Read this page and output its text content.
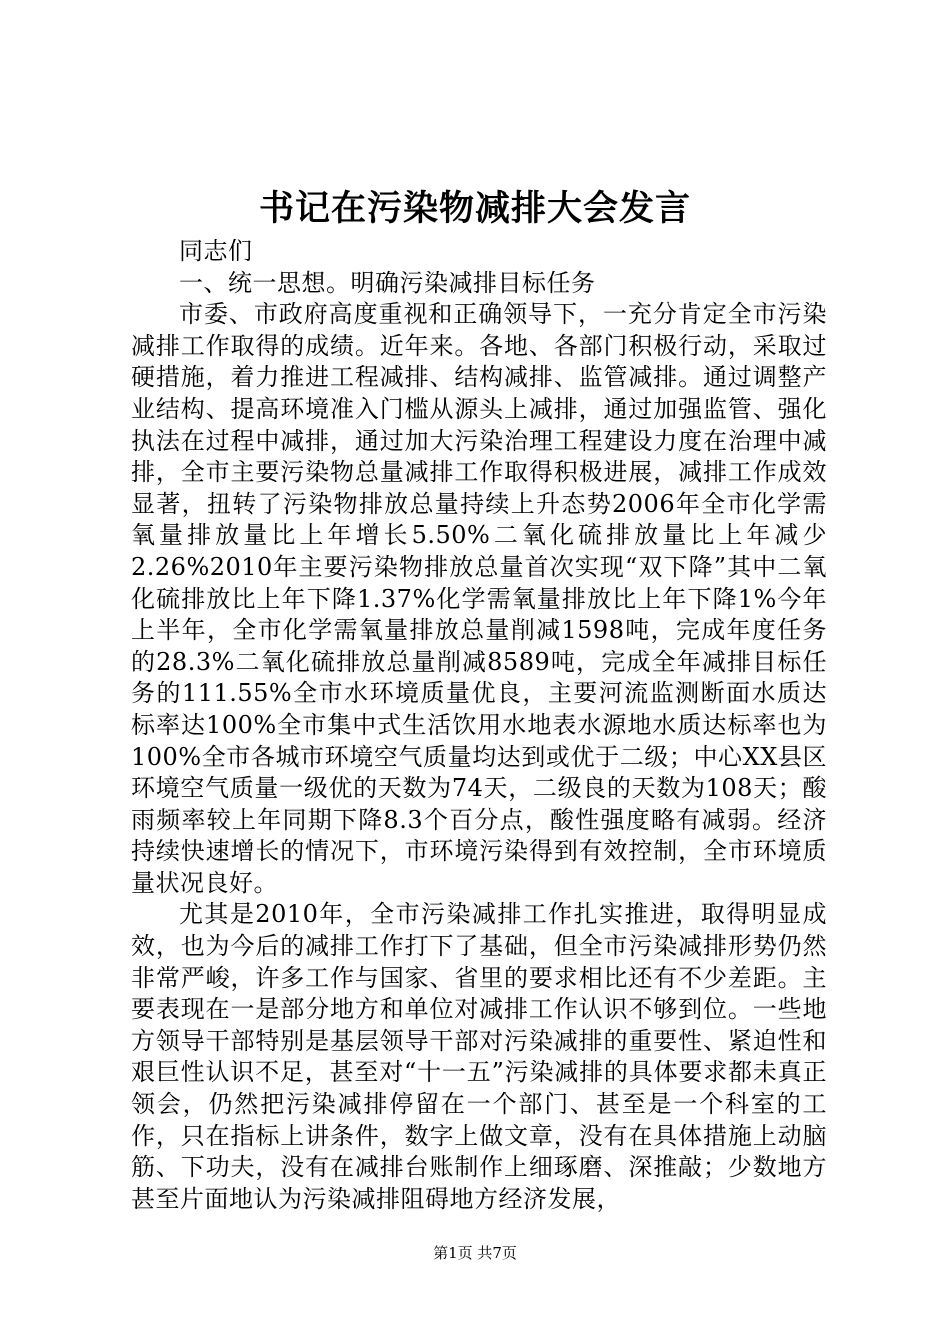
书记在污染物减排大会发言

同志们

一、统一思想。明确污染减排目标任务

市委、市政府高度重视和正确领导下，一充分肯定全市污染减排工作取得的成绩。近年来。各地、各部门积极行动，采取过硬措施，着力推进工程减排、结构减排、监管减排。通过调整产业结构、提高环境准入门槛从源头上减排，通过加强监管、强化执法在过程中减排，通过加大污染治理工程建设力度在治理中减排，全市主要污染物总量减排工作取得积极进展，减排工作成效显著，扭转了污染物排放总量持续上升态势2006年全市化学需氧量排放量比上年增长5.50%二氧化硫排放量比上年减少2.26%2010年主要污染物排放总量首次实现“双下降”其中二氧化硫排放比上年下降1.37%化学需氧量排放比上年下降1%今年上半年，全市化学需氧量排放总量削减1598吨，完成年度任务的28.3%二氧化硫排放总量削减8589吨，完成全年减排目标任务的111.55%全市水环境质量优良，主要河流监测断面水质达标率达100%全市集中式生活饮用水地表水源地水质达标率也为100%全市各城市环境空气质量均达到或优于二级；中心XX县区环境空气质量一级优的天数为74天，二级良的天数为108天；酸雨频率较上年同期下降8.3个百分点，酸性强度略有减弱。经济持续快速增长的情况下，市环境污染得到有效控制，全市环境质量状况良好。

尤其是2010年，全市污染减排工作扎实推进，取得明显成效，也为今后的减排工作打下了基础，但全市污染减排形势仍然非常严峻，许多工作与国家、省里的要求相比还有不少差距。主要表现在一是部分地方和单位对减排工作认识不够到位。一些地方领导干部特别是基层领导干部对污染减排的重要性、紧迫性和艰巨性认识不足，甚至对“十一五”污染减排的具体要求都未真正领会，仍然把污染减排停留在一个部门、甚至是一个科室的工作，只在指标上讲条件，数字上做文章，没有在具体措施上动脑筋、下功夫，没有在减排台账制作上细琢磨、深推敲；少数地方甚至片面地认为污染减排阻碍地方经济发展，

第1页 共7页
